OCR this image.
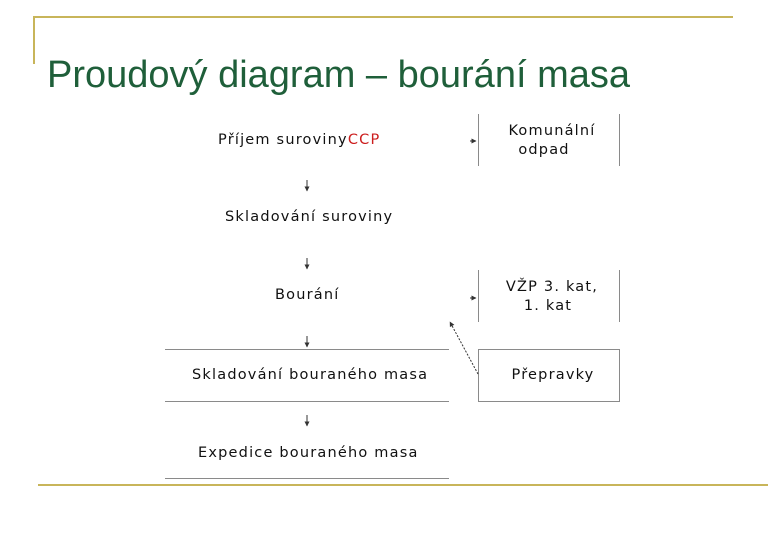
Proudový diagram – bourání masa
Příjem surovinyCCP
Skladování suroviny
Bourání
Skladování bouraného masa
Expedice bouraného masa
Komunální
odpad
VŽP 3. kat,
1. kat
Přepravky
